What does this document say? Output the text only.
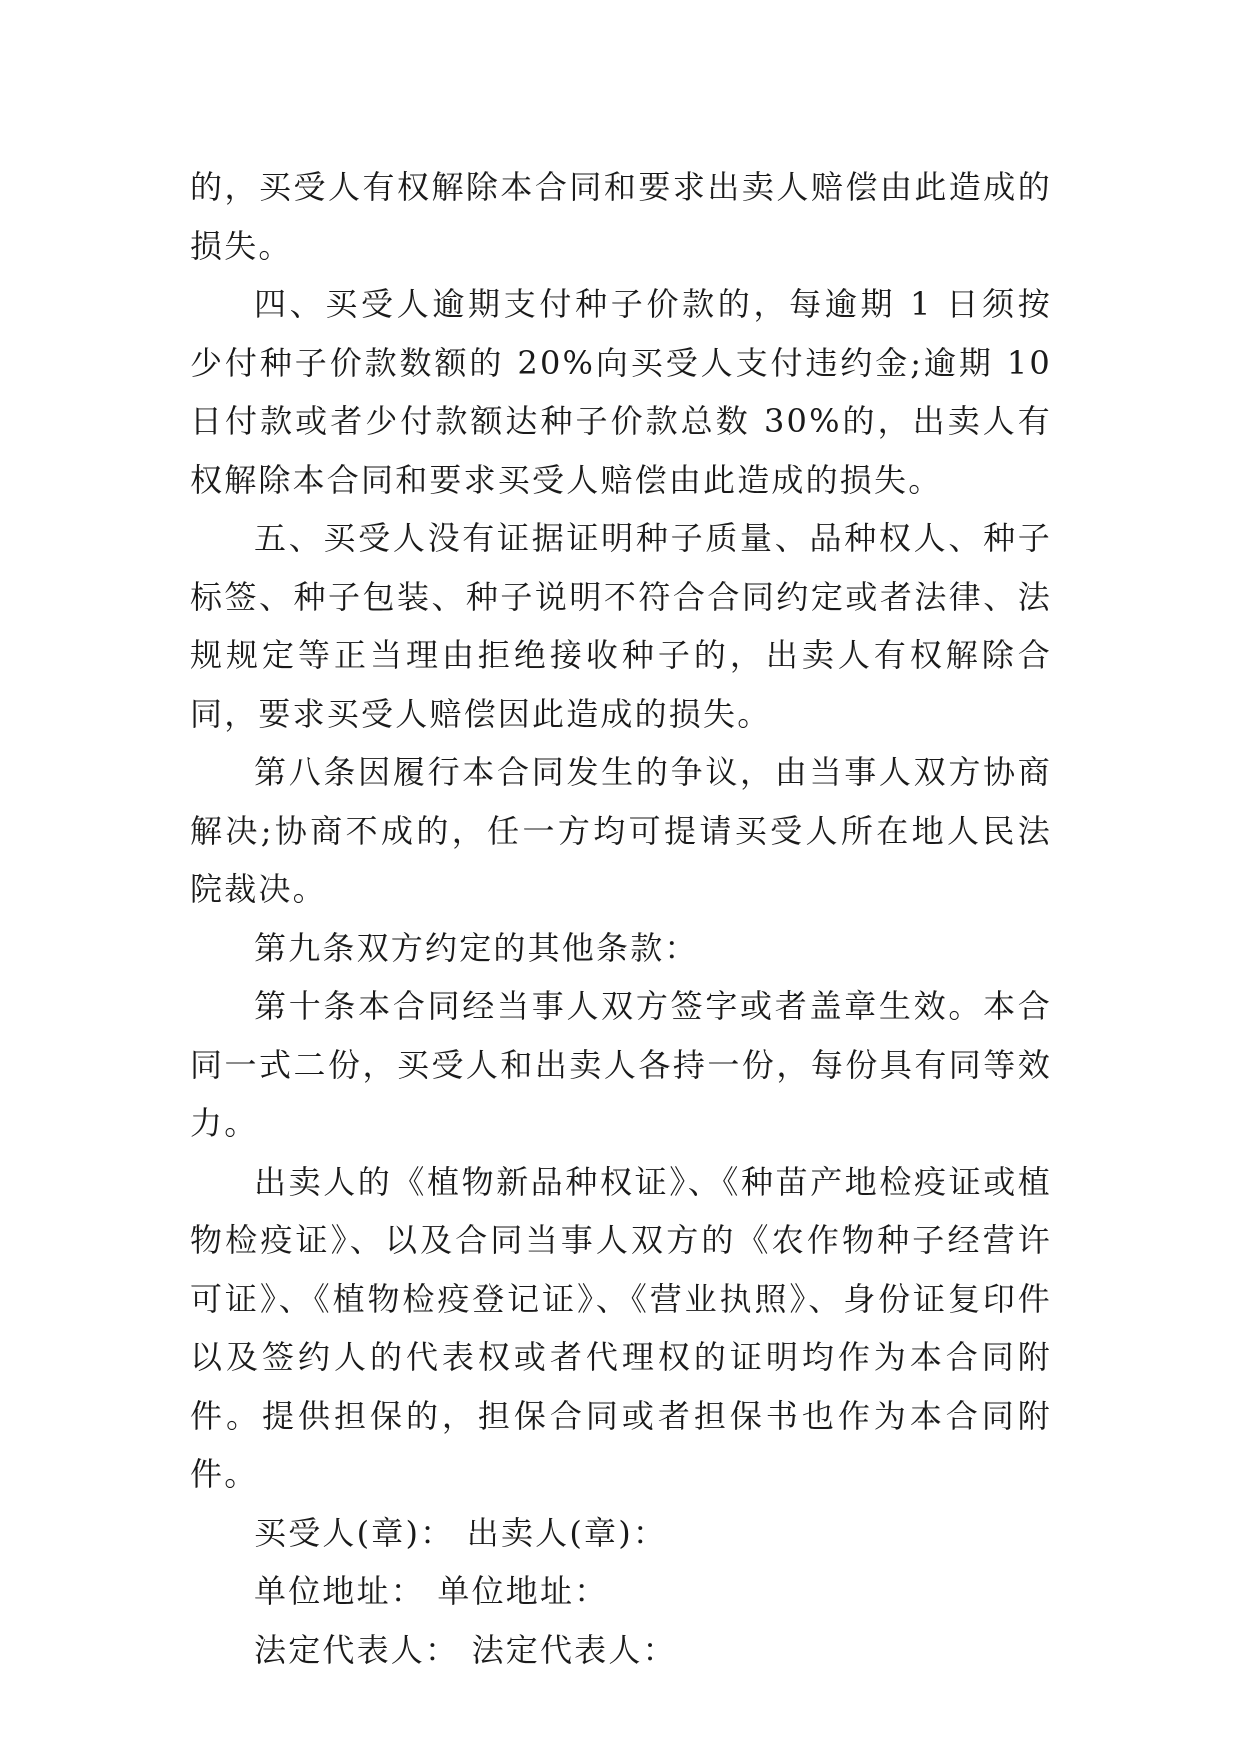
的，买受人有权解除本合同和要求出卖人赔偿由此造成的损失。

四、买受人逾期支付种子价款的，每逾期 1 日须按少付种子价款数额的 20%向买受人支付违约金;逾期 10 日付款或者少付款额达种子价款总数 30%的，出卖人有权解除本合同和要求买受人赔偿由此造成的损失。

五、买受人没有证据证明种子质量、品种权人、种子标签、种子包装、种子说明不符合合同约定或者法律、法规规定等正当理由拒绝接收种子的，出卖人有权解除合同，要求买受人赔偿因此造成的损失。

第八条因履行本合同发生的争议，由当事人双方协商解决;协商不成的，任一方均可提请买受人所在地人民法院裁决。

第九条双方约定的其他条款：

第十条本合同经当事人双方签字或者盖章生效。本合同一式二份，买受人和出卖人各持一份，每份具有同等效力。

出卖人的《植物新品种权证》、《种苗产地检疫证或植物检疫证》、以及合同当事人双方的《农作物种子经营许可证》、《植物检疫登记证》、《营业执照》、身份证复印件以及签约人的代表权或者代理权的证明均作为本合同附件。提供担保的，担保合同或者担保书也作为本合同附件。

买受人(章)： 出卖人(章)：

单位地址： 单位地址：

法定代表人： 法定代表人：
